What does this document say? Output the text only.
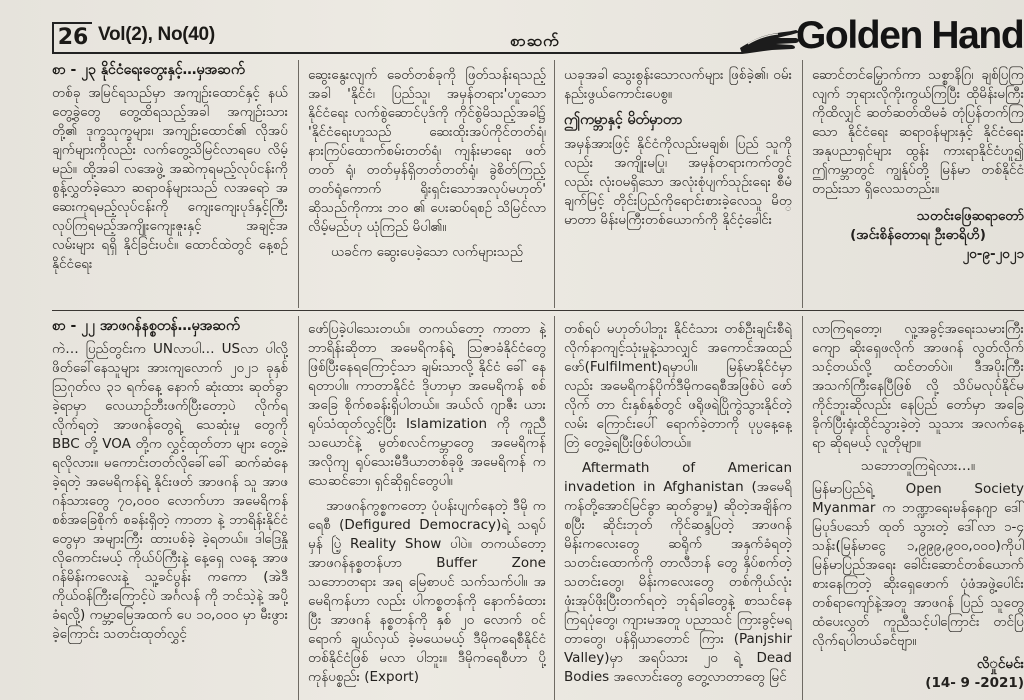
26 Vol(2), No(40)	စာဆက်	Golden Hand
စာ - ၂၃ နိုင်ငံရေးတွေးနှင့်…မှအဆက်

တစ်ခု အမြင်ရသည်မှာ အကျဉ်းထောင်နှင့် နယ်တွေ့ခွဲတွေ တွေ့ထိရသည့်အခါ အကျဉ်းသား တို့၏ ဒုက္ခသုက္ခများ၊ အကျဉ်းထောင်၏ လိုအပ် ချက်များကိုလည်း လက်တွေ့သိမြင်လာရပေ လိမ့် မည်။ ထို့အခါ လအေဖွဲ့ အဆဲကုရမည့်လုပ်ငန်းကို စွန့်လွှတ်ခဲ့သော ဆရာဝန်များသည် လအရောဲ အဆေးကုရမည့်လုပ်ငန်းကို ကျေးကျေးပုဒ်နှင့်ကြီး လုပ်ကြရမည့်အကျိုးကျေးဇူးနှင့် အချင့်အလမ်းများ ရရှိ နိုင်ခြင်းပင်။ ထောင်ထဲတွင် နေ့စဉ်နိုင်ငံရေး

ဆွေးနွေးလျက် ခေတ်တစ်ခုကို ဖြတ်သန်းရသည့် အခါ 'နိုင်ငံ၊ ပြည်သူ၊ အမှန်တရား'ဟူသော နိုင်ငံရေး လက်စွဲဆောင်ပုဒ်ကို ကိုင်စွဲမိသည့်အခါ၌ 'နိုင်ငံရေးဟူသည် ဆေးထိုးအပ်ကိုင်တတ်ရံ၊ နားကြပ်ထောက်စမ်းတတ်ရံ၊ ကျန်းမာရေး ဖတ်တတ် ရုံ၊ တတ်မှန်ရှိတတ်တတ်ရုံ၊ ခွဲစိတ်ကြည့်တတ်ရုံကောက် ရိုးရှင်းသောအလုပ်မဟုတ်' ဆိုသည်ကိုကား ဘဝ ၏ ပေးဆပ်ရစဉ် သိမြင်လာလိမ့်မည်ဟု ယုံကြည် မိပါ၏။

ယခင်က ဆွေးပေခဲ့သော လက်များသည်

ယခုအခါ သွေးစွန်းသောလက်များ ဖြစ်ခဲ့၏၊ ဝမ်း နည်းဖွယ်ကောင်းပေစွ။

ဤကမ္ဘာနှင့် မိတ်မှာတာ

အမှန်အားဖြင့် နိုင်ငံကိုလည်းမချစ်၊ ပြည် သူကိုလည်း အကျိုးမပြု၊ အမှန်တရားကက်တွင် လည်း လုံးဝမရှိသော အလုံးစုံပျက်သုဉ်းရေး စီမံ ချက်မြင့် တိုင်းပြည်ကိုရောင်းစားခဲ့လေသူ မိတ္ မာတာ မိန်းမကြီးတစ်ယောက်ကို နိုင်ငံ့ခေါင်း

ဆောင်တင်မြှောက်ကာ သစ္စာနိဂြ၊ ချစ်ပြကြလျက် ဘုရားလိုကိုးကွယ်ကြပြီး ထိုမိန်းမကြီးကိုထိလျှင် ဆတ်ဆတ်ထိမခံ တုံပြန်တက်ကြသော နိုင်ငံရေး ဆရာဝန်များနှင့် နိုင်ငံရေးအနုပညာရှင်များ ထွန်း ကားရာနိုင်ငံဟူ၍ ဤကမ္ဘာတွင် ကျွန်ုပ်တို့ မြန်မာ တစ်နိုင်ငံတည်းသာ ရှိလေသတည်း။

သတင်းဖြေဆရာတော်

(အင်းစိန်တောရ၊ ဦးဓာရိဟိ)

၂၀-၉-၂၀၂၁

စာ - ၂၂ အာဖဂန်နစ္စတန်…မှအဆက်

ကဲ… ပြည်တွင်းက UNလာပါ… USလာ ပါလို့ ဖိတ်ခေါ်နေသူများ အားကျလောက် ၂၀၂၁ ခုနှစ် ဩဂုတ်လ ၃၁ ရက်နေ့ နောက် ဆုံးထား ဆုတ်ခွာခဲ့ရာမှာ လေယာဉ်ဘီးဖက်ပြီးတော့ပဲ လိုက်ရ လိုက်ရတဲ့ အာဖဂန်တွေရဲ့ သေဆုံးမှု တွေကို BBC တို့ VOA တို့က လွှင့်ထုတ်တာ များ တွေ့ခဲ့ရလိုလား။ မကောင်းတတ်လိုခေါ်ခေါ် ဆက်ဆံနေခဲ့ရတဲ့ အမေရိကန်ရဲ့ နိုင်းဖတ် အာဖဂန် သူ အာဖဂန်သားတွေ ၇၀,၀၀၀ လောက်ဟာ အမေရိကန် စစ်အခြေစိုက် စခန်းရှိတဲ့ ကာတာ နဲ့ ဘာရိန်းနိုင်ငံတွေမှာ အများကြီး ထားပစ်ခဲ့ ခဲ့ရတယ်။ ဒါဒြေနှိုလိုကောင်းမယ့် ကိုယ်ပ်ကြီးနဲ့ နေ့ရှေ လနေ့ အာဖဂန်မိန်းကလေးနဲ့ သူ့ခင်ပွန်း ကကော (အဲဒီကိုယ်ဝန်ကြီးကြောင့်ပဲ အင်္ဂလန် ကို ဘင်သဲ့နဲ့ အပို့ခံရလို့) ကမ္ဘာ့မြေအထက် ပေ ၁၀,၀၀၀ မှာ မီးဖွားခဲ့ကြောင်း သတင်းထုတ်လွှင့်

ဖော်ပြခဲ့ပါသေးတယ်။ တကယ်တော့ ကာတာ နဲ့ ဘာရိန်းဆိုတာ အမေရိကန်ရဲ့ ဩဇာခံနိုင်ငံတွေ ဖြစ်ပြီးနေရကြောင့်သာ ချမ်းသာလို့ နိုင်ငံ ခေါ် နေရတာပါ။ ကာတာနိုင်ငံ ဒိုဟာမှာ အမေရိကန် စစ်အခြေ စိုက်စခန်းရှိပါတယ်။ အယ်လ် ဂျာဇီး ယားရုပ်သံထုတ်လွှင့်ပြီး Islamization ကို ကူညီ သယောင်နဲ့ မွတ်စလင်ကမ္ဘာတွေ အမေရိကန် အလိုကျ ရုပ်သေးမီဒီယာတစ်ခုဖို့ အမေရိကန် က သေဆင်ဘေ၊ ရှင်ဆိုရှင်တွေပါ။

အာဖဂန်ကွစ္စကတော့ ပုံပန်းပျက်နေတဲ့ ဒီမို ကရေစီ (Defigured Democracy)ရဲ့ သရုပ်မှန် ပြဲ့ Reality Show ပါပဲ။ တကယ်တော့ အာဖဂန်နစ္စတန်ဟာ Buffer Zone သဘောတရား အရ မြေစာပင် သက်သက်ပါ။ အမေရိကန်ဟာ လည်း ပါကစ္စတန်ကို နောက်ခံထားပြီး အာဖဂန် နစ္စတန်ကို နှစ် ၂၀ လောက် ဝင်ရောက် ချယ်လှယ် ခဲ့မယေမယ့် ဒီမိုကရေစီနိုင်ငံတစ်နိုင်ငံဖြစ် မလာ ပါဘူး။ ဒီမိုကရေစီဟာ ပို့ကုန်ပစ္စည်း (Export)

တစ်ရပ် မဟုတ်ပါဘူး နိုင်ငံသား တစ်ဦးချင်းစီရဲ့ လိုက်နာကျင့်သုံးမှုနဲ့သာလျှင် အကောင်အထည် ဖော်(Fulfilment)ရမှာပါ။ မြန်မာနိုင်ငံမှာလည်း အမေရိကန်ပိုက်ဒီမိုကရေစီအဖြစ်ပဲ ဖော်လိုက် တာ င်းနှစ်နှစ်တွင် ဖရိုဖရဲပြိုကွဲသွားနိုင်တဲ့ လမ်း ကြောင်းပေါ် ရောက်ခဲ့တာကို ပုပ္ပနေ့နေ့ တြဲ တွေ့ခဲ့ရပြီးဖြစ်ပါတယ်။

Aftermath of American invadetion in Afghanistan (အမေရိကန်တို့အောင်မြင်ခွာ ဆုတ်ခွာမှု) ဆိုတဲ့အချိန်ကစပြီး ဆိုင်းဘုတ် ကိုင်ဆန္ဒပြတဲ့ အာဖဂန်မိန်းကလေးတွေ ဆရိုက် အနှက်ခံရတဲ့ သတင်းထောက်ကို တာလီဘန် တွေ နှိပ်စက်တဲ့ သတင်းတွေ၊ မိန်းကလေးတွေ တစ်ကိုယ်လုံးဖုံးအုပ်ဖိုးပြီးတက်ရတဲ့ ဘုရ်ခါတွေနဲ့ စာသင်နေကြရပုံတွေ၊ ကျားမအတူ ပညာသင် ကြားခွင့်မရတာတွေ၊ ပန်ရှိယာတောင် ကြား (Panjshir Valley)မှာ အရပ်သား ၂၀ ရဲ့ Dead Bodies အလောင်းတွေ တွေ့လာတာတွေ မြင်

လာကြရတော့၊ လူ့အခွင့်အရေးသမားကြီး ကျော ဆိုးရှေဖလိုက် အာဖဂန် လွတ်လိုက်သင့်တယ်လို့ ထင်တတ်ပဲ။ ဒီအပိုးကြီး အသက်ကြီးနေပြီဖြစ် လို့ သိပ်မလုပ်နိုင်မကိုင်ဘူးဆိုလည်း နေပြည် တော်မှာ အခြေခိုက်ပြီးရုံးထိုင်သွားခဲ့တဲ့ သူသား အလက်နေ့ရာ ဆိုရမယ့် လူတိုမျာ။

သဘောတူကြရဲလား…။

မြန်မာပြည်ရဲ့ Open Society Myanmar က ဘဏ္ဍာရေးမန်နေဂျာ ဒေါ်မြပုဒ်ပသော် ထုတ် သွားတဲ့ ဒေါ်လာ ၁-၄ သန်း(မြန်မာငွေ ၁,၉၉၉,၉၀၀,၀၀၀)ကိုပါ မြန်မာပြည်အရေး ခေါင်းဆောင်တစ်ယောက်စားနေကြတဲ့ ဆိုးရှေဖောက် ပုံဖံအဖွဲ့ပေါင်းတစ်ရာကျော်နဲ့အတူ အာဖဂန် ပြည် သူတွေထံပေးလွှတ် ကူညီသင့်ပါကြောင်း တင်ပြ လိုက်ရပါတယ်ခင်ဗျာ။

လိှုင်မင်း

(14- 9 -2021)
